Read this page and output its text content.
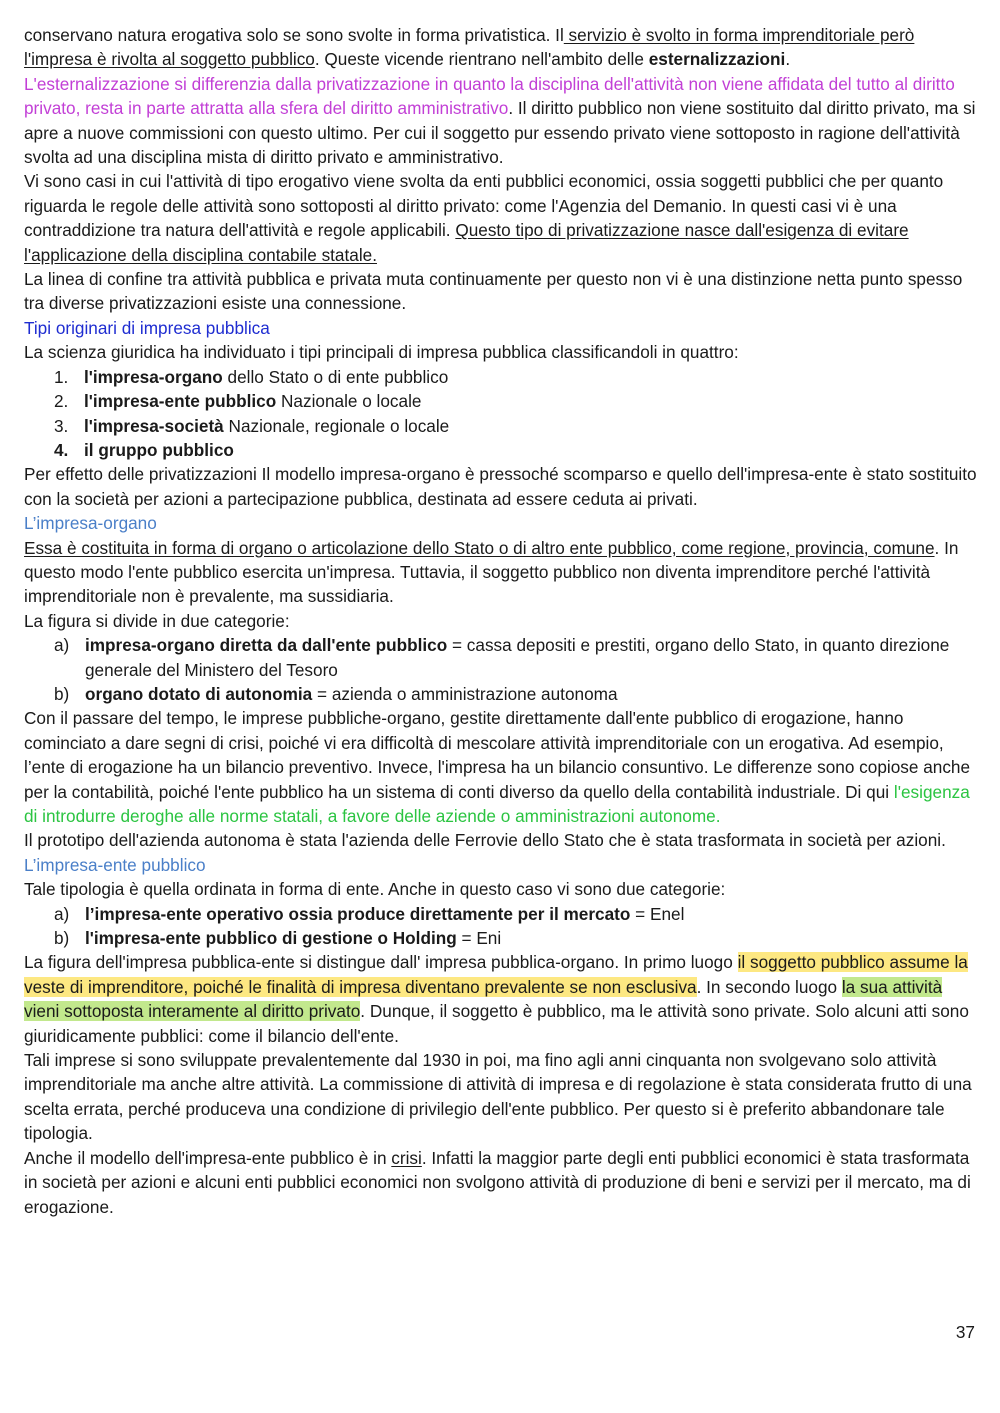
conservano natura erogativa solo se sono svolte in forma privatistica. Il servizio è svolto in forma imprenditoriale però l'impresa è rivolta al soggetto pubblico. Queste vicende rientrano nell'ambito delle esternalizzazioni.

L'esternalizzazione si differenzia dalla privatizzazione in quanto la disciplina dell'attività non viene affidata del tutto al diritto privato, resta in parte attratta alla sfera del diritto amministrativo. Il diritto pubblico non viene sostituito dal diritto privato, ma si apre a nuove commissioni con questo ultimo. Per cui il soggetto pur essendo privato viene sottoposto in ragione dell'attività svolta ad una disciplina mista di diritto privato e amministrativo.

Vi sono casi in cui l'attività di tipo erogativo viene svolta da enti pubblici economici, ossia soggetti pubblici che per quanto riguarda le regole delle attività sono sottoposti al diritto privato: come l'Agenzia del Demanio. In questi casi vi è una contraddizione tra natura dell'attività e regole applicabili. Questo tipo di privatizzazione nasce dall'esigenza di evitare l'applicazione della disciplina contabile statale.

La linea di confine tra attività pubblica e privata muta continuamente per questo non vi è una distinzione netta punto spesso tra diverse privatizzazioni esiste una connessione.

Tipi originari di impresa pubblica

La scienza giuridica ha individuato i tipi principali di impresa pubblica classificandoli in quattro:

1. l'impresa-organo dello Stato o di ente pubblico
2. l'impresa-ente pubblico Nazionale o locale
3. l'impresa-società Nazionale, regionale o locale
4. il gruppo pubblico

Per effetto delle privatizzazioni Il modello impresa-organo è pressoché scomparso e quello dell'impresa-ente è stato sostituito con la società per azioni a partecipazione pubblica, destinata ad essere ceduta ai privati.

L’impresa-organo

Essa è costituita in forma di organo o articolazione dello Stato o di altro ente pubblico, come regione, provincia, comune. In questo modo l'ente pubblico esercita un'impresa. Tuttavia, il soggetto pubblico non diventa imprenditore perché l'attività imprenditoriale non è prevalente, ma sussidiaria.

La figura si divide in due categorie:

a) impresa-organo diretta da dall'ente pubblico = cassa depositi e prestiti, organo dello Stato, in quanto direzione generale del Ministero del Tesoro
b) organo dotato di autonomia = azienda o amministrazione autonoma

Con il passare del tempo, le imprese pubbliche-organo, gestite direttamente dall'ente pubblico di erogazione, hanno cominciato a dare segni di crisi, poiché vi era difficoltà di mescolare attività imprenditoriale con un erogativa. Ad esempio, l’ente di erogazione ha un bilancio preventivo. Invece, l'impresa ha un bilancio consuntivo. Le differenze sono copiose anche per la contabilità, poiché l'ente pubblico ha un sistema di conti diverso da quello della contabilità industriale. Di qui l'esigenza di introdurre deroghe alle norme statali, a favore delle aziende o amministrazioni autonome.

Il prototipo dell'azienda autonoma è stata l'azienda delle Ferrovie dello Stato che è stata trasformata in società per azioni.

L’impresa-ente pubblico

Tale tipologia è quella ordinata in forma di ente. Anche in questo caso vi sono due categorie:

a) l’impresa-ente operativo ossia produce direttamente per il mercato = Enel
b) l'impresa-ente pubblico di gestione o Holding = Eni

La figura dell'impresa pubblica-ente si distingue dall' impresa pubblica-organo. In primo luogo il soggetto pubblico assume la veste di imprenditore, poiché le finalità di impresa diventano prevalente se non esclusiva. In secondo luogo la sua attività vieni sottoposta interamente al diritto privato. Dunque, il soggetto è pubblico, ma le attività sono private. Solo alcuni atti sono giuridicamente pubblici: come il bilancio dell'ente.

Tali imprese si sono sviluppate prevalentemente dal 1930 in poi, ma fino agli anni cinquanta non svolgevano solo attività imprenditoriale ma anche altre attività. La commissione di attività di impresa e di regolazione è stata considerata frutto di una scelta errata, perché produceva una condizione di privilegio dell'ente pubblico. Per questo si è preferito abbandonare tale tipologia.

Anche il modello dell'impresa-ente pubblico è in crisi. Infatti la maggior parte degli enti pubblici economici è stata trasformata in società per azioni e alcuni enti pubblici economici non svolgono attività di produzione di beni e servizi per il mercato, ma di erogazione.

37
